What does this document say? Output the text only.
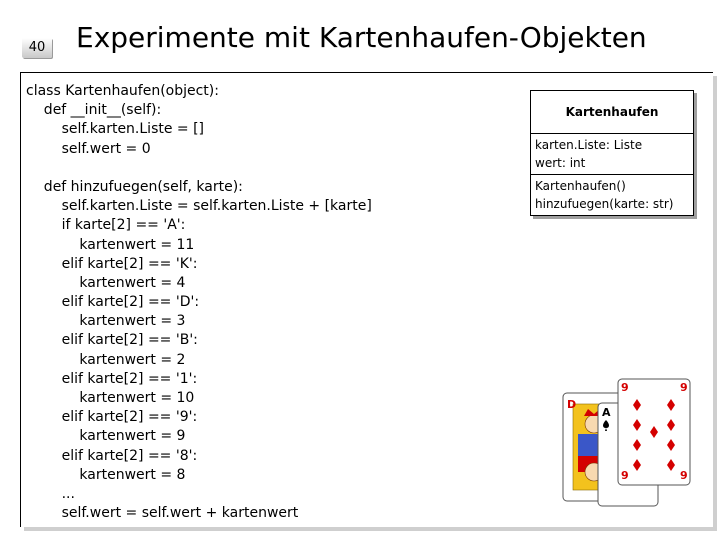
40 Experimente mit Kartenhaufen-Objekten
class Kartenhaufen(object):
def __init__(self):
self.karten.Liste = []
self.wert = 0
def hinzufuegen(self, karte):
self.karten.Liste = self.karten.Liste + [karte]
if karte[2] == 'A':
kartenwert = 11
elif karte[2] == 'K':
kartenwert = 4
elif karte[2] == 'D':
kartenwert = 3
elif karte[2] == 'B':
kartenwert = 2
elif karte[2] == '1':
kartenwert = 10
elif karte[2] == '9':
kartenwert = 9
elif karte[2] == '8':
kartenwert = 8
...
self.wert = self.wert + kartenwert
Kartenhaufen
karten.Liste: Liste
wert: int
Kartenhaufen()
hinzufuegen(karte: str)
D
A
9	9
9	9
